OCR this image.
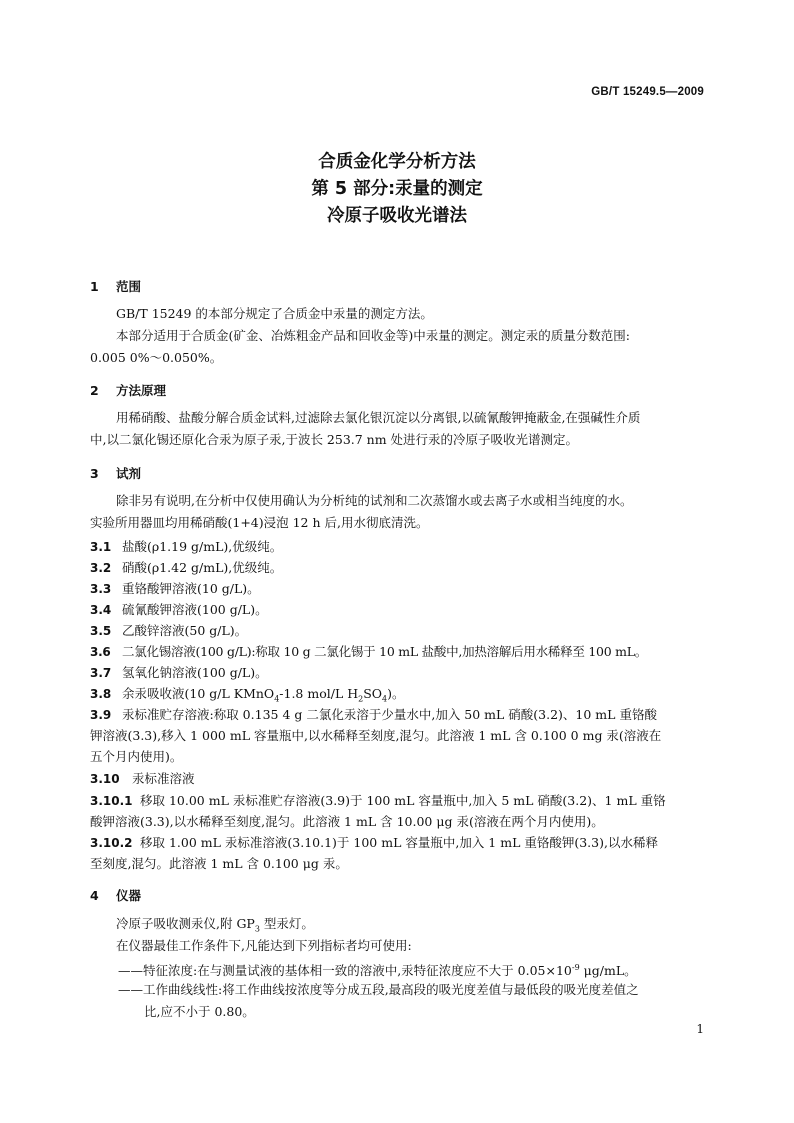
GB/T 15249.5—2009
合质金化学分析方法
第 5 部分:汞量的测定
冷原子吸收光谱法
1 范围
GB/T 15249 的本部分规定了合质金中汞量的测定方法。
本部分适用于合质金(矿金、冶炼粗金产品和回收金等)中汞量的测定。测定汞的质量分数范围:
0.005 0%～0.050%。
2 方法原理
用稀硝酸、盐酸分解合质金试料,过滤除去氯化银沉淀以分离银,以硫氰酸钾掩蔽金,在强碱性介质
中,以二氯化锡还原化合汞为原子汞,于波长 253.7 nm 处进行汞的冷原子吸收光谱测定。
3 试剂
除非另有说明,在分析中仅使用确认为分析纯的试剂和二次蒸馏水或去离子水或相当纯度的水。
实验所用器皿均用稀硝酸(1+4)浸泡 12 h 后,用水彻底清洗。
3.1 盐酸(ρ1.19 g/mL),优级纯。
3.2 硝酸(ρ1.42 g/mL),优级纯。
3.3 重铬酸钾溶液(10 g/L)。
3.4 硫氰酸钾溶液(100 g/L)。
3.5 乙酸锌溶液(50 g/L)。
3.6 二氯化锡溶液(100 g/L):称取 10 g 二氯化锡于 10 mL 盐酸中,加热溶解后用水稀释至 100 mL。
3.7 氢氧化钠溶液(100 g/L)。
3.8 余汞吸收液(10 g/L KMnO$_4$-1.8 mol/L $H_2SO_4$)。
3.9 汞标准贮存溶液:称取 0.135 4 g 二氯化汞溶于少量水中,加入 50 mL 硝酸(3.2)、10 mL 重铬酸
钾溶液(3.3),移入 1 000 mL 容量瓶中,以水稀释至刻度,混匀。此溶液 1 mL 含 0.100 0 mg 汞(溶液在
五个月内使用)。
3.10 汞标准溶液
3.10.1 移取 10.00 mL 汞标准贮存溶液(3.9)于 100 mL 容量瓶中,加入 5 mL 硝酸(3.2)、1 mL 重铬
酸钾溶液(3.3),以水稀释至刻度,混匀。此溶液 1 mL 含 10.00 μg 汞(溶液在两个月内使用)。
3.10.2 移取 1.00 mL 汞标准溶液(3.10.1)于 100 mL 容量瓶中,加入 1 mL 重铬酸钾(3.3),以水稀释
至刻度,混匀。此溶液 1 mL 含 0.100 μg 汞。
4 仪器
冷原子吸收测汞仪,附 $GP_3$ 型汞灯。
在仪器最佳工作条件下,凡能达到下列指标者均可使用:
——特征浓度:在与测量试液的基体相一致的溶液中,汞特征浓度应不大于 $0.05\times 10^{-9}$ μg/mL。
——工作曲线线性:将工作曲线按浓度等分成五段,最高段的吸光度差值与最低段的吸光度差值之
比,应不小于 0.80。
1
